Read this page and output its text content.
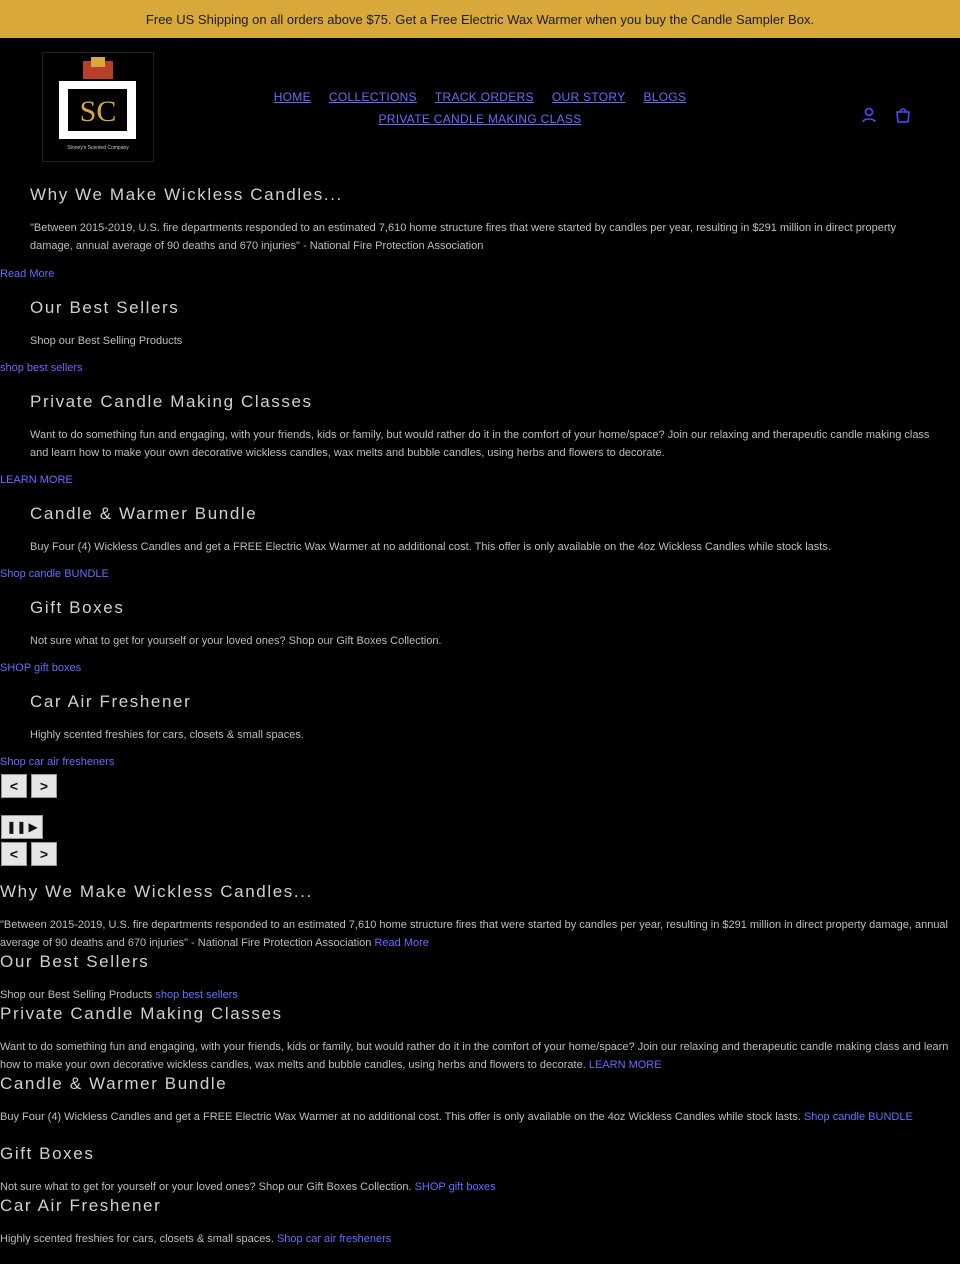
Free US Shipping on all orders above $75. Get a Free Electric Wax Warmer when you buy the Candle Sampler Box.
SC
Stoney's Scented Company
HOME COLLECTIONS TRACK ORDERS OUR STORY BLOGS
PRIVATE CANDLE MAKING CLASS
Why We Make Wickless Candles...

"Between 2015-2019, U.S. fire departments responded to an estimated 7,610 home structure fires that were started by candles per year, resulting in $291 million in direct property damage, annual average of 90 deaths and 670 injuries" - National Fire Protection Association

Read More
Our Best Sellers

Shop our Best Selling Products

shop best sellers
Private Candle Making Classes

Want to do something fun and engaging, with your friends, kids or family, but would rather do it in the comfort of your home/space? Join our relaxing and therapeutic candle making class and learn how to make your own decorative wickless candles, wax melts and bubble candles, using herbs and flowers to decorate.

LEARN MORE
Candle & Warmer Bundle

Buy Four (4) Wickless Candles and get a FREE Electric Wax Warmer at no additional cost. This offer is only available on the 4oz Wickless Candles while stock lasts.

Shop candle BUNDLE
Gift Boxes

Not sure what to get for yourself or your loved ones? Shop our Gift Boxes Collection.

SHOP gift boxes
Car Air Freshener

Highly scented freshies for cars, closets & small spaces.

Shop car air fresheners
<	>
❚❚ ▶
<	>
Why We Make Wickless Candles...

"Between 2015-2019, U.S. fire departments responded to an estimated 7,610 home structure fires that were started by candles per year, resulting in $291 million in direct property damage, annual average of 90 deaths and 670 injuries" - National Fire Protection Association Read More

Our Best Sellers

Shop our Best Selling Products shop best sellers

Private Candle Making Classes

Want to do something fun and engaging, with your friends, kids or family, but would rather do it in the comfort of your home/space? Join our relaxing and therapeutic candle making class and learn how to make your own decorative wickless candles, wax melts and bubble candles, using herbs and flowers to decorate. LEARN MORE

Candle & Warmer Bundle

Buy Four (4) Wickless Candles and get a FREE Electric Wax Warmer at no additional cost. This offer is only available on the 4oz Wickless Candles while stock lasts. Shop candle BUNDLE

Gift Boxes

Not sure what to get for yourself or your loved ones? Shop our Gift Boxes Collection. SHOP gift boxes

Car Air Freshener

Highly scented freshies for cars, closets & small spaces. Shop car air fresheners
